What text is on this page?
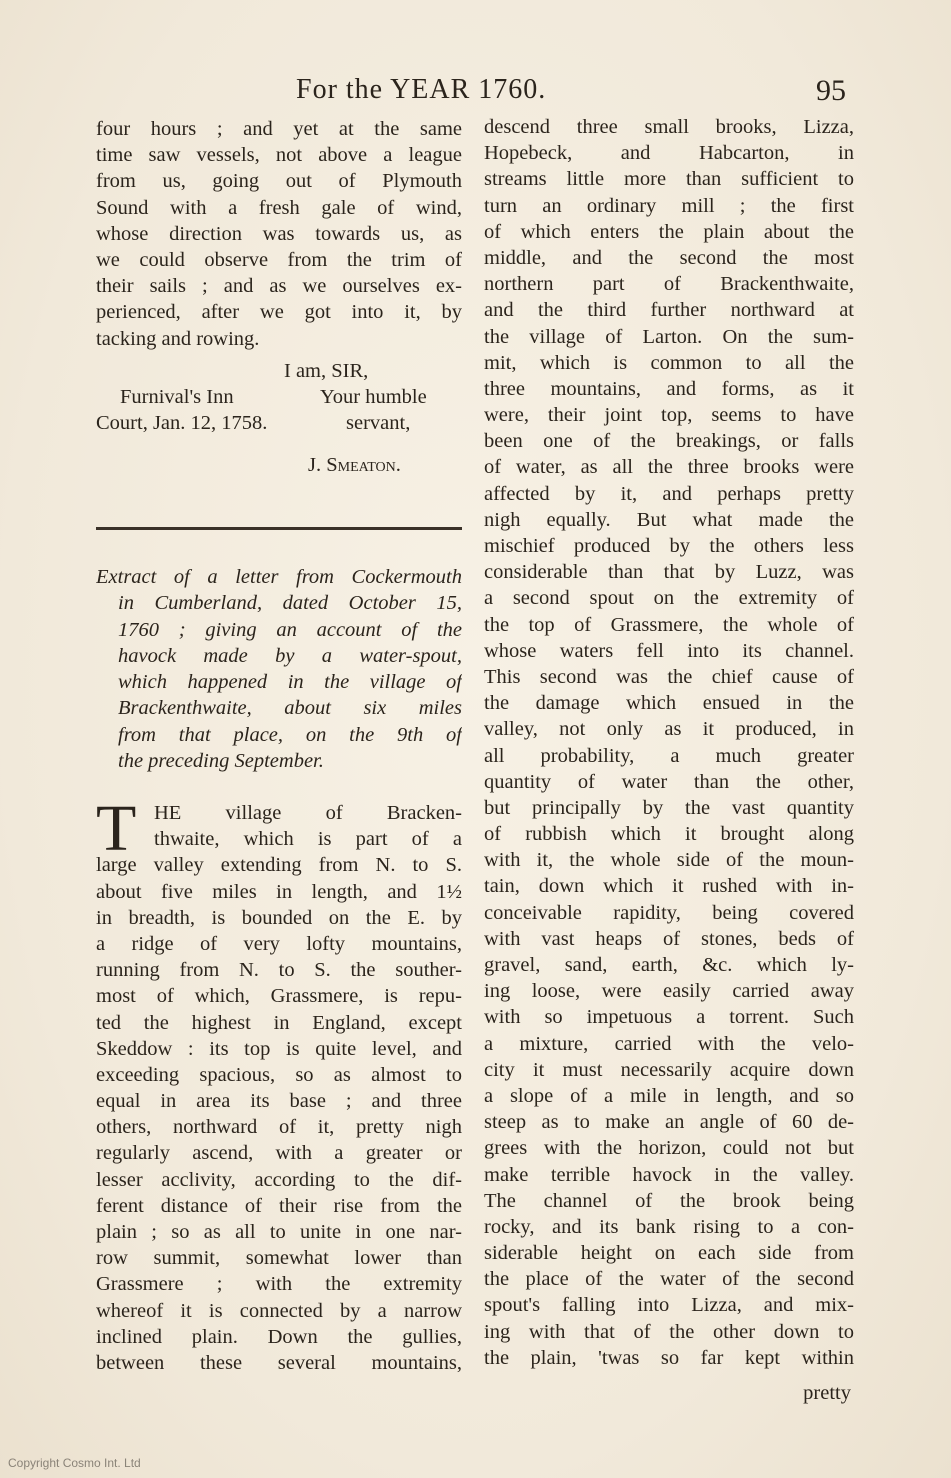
For the YEAR 1760.	95
four hours ; and yet at the same
time saw vessels, not above a league
from us, going out of Plymouth
Sound with a fresh gale of wind,
whose direction was towards us, as
we could observe from the trim of
their sails ; and as we ourselves ex-
perienced, after we got into it, by
tacking and rowing.
I am, SIR,
Furnival's Inn	Your humble
Court, Jan. 12, 1758.	servant,
J. Smeaton.
Extract of a letter from Cockermouth
in Cumberland, dated October 15,
1760 ; giving an account of the
havock made by a water-spout,
which happened in the village of
Brackenthwaite, about six miles
from that place, on the 9th of
the preceding September.
T HE village of Bracken-
thwaite, which is part of a
large valley extending from N. to S.
about five miles in length, and 1½
in breadth, is bounded on the E. by
a ridge of very lofty mountains,
running from N. to S. the souther-
most of which, Grassmere, is repu-
ted the highest in England, except
Skeddow : its top is quite level, and
exceeding spacious, so as almost to
equal in area its base ; and three
others, northward of it, pretty nigh
regularly ascend, with a greater or
lesser acclivity, according to the dif-
ferent distance of their rise from the
plain ; so as all to unite in one nar-
row summit, somewhat lower than
Grassmere ; with the extremity
whereof it is connected by a narrow
inclined plain. Down the gullies,
between these several mountains,
descend three small brooks, Lizza,
Hopebeck, and Habcarton, in
streams little more than sufficient to
turn an ordinary mill ; the first
of which enters the plain about the
middle, and the second the most
northern part of Brackenthwaite,
and the third further northward at
the village of Larton. On the sum-
mit, which is common to all the
three mountains, and forms, as it
were, their joint top, seems to have
been one of the breakings, or falls
of water, as all the three brooks were
affected by it, and perhaps pretty
nigh equally. But what made the
mischief produced by the others less
considerable than that by Luzz, was
a second spout on the extremity of
the top of Grassmere, the whole of
whose waters fell into its channel.
This second was the chief cause of
the damage which ensued in the
valley, not only as it produced, in
all probability, a much greater
quantity of water than the other,
but principally by the vast quantity
of rubbish which it brought along
with it, the whole side of the moun-
tain, down which it rushed with in-
conceivable rapidity, being covered
with vast heaps of stones, beds of
gravel, sand, earth, &c. which ly-
ing loose, were easily carried away
with so impetuous a torrent. Such
a mixture, carried with the velo-
city it must necessarily acquire down
a slope of a mile in length, and so
steep as to make an angle of 60 de-
grees with the horizon, could not but
make terrible havock in the valley.
The channel of the brook being
rocky, and its bank rising to a con-
siderable height on each side from
the place of the water of the second
spout's falling into Lizza, and mix-
ing with that of the other down to
the plain, 'twas so far kept within
pretty
Copyright Cosmo Int. Ltd
